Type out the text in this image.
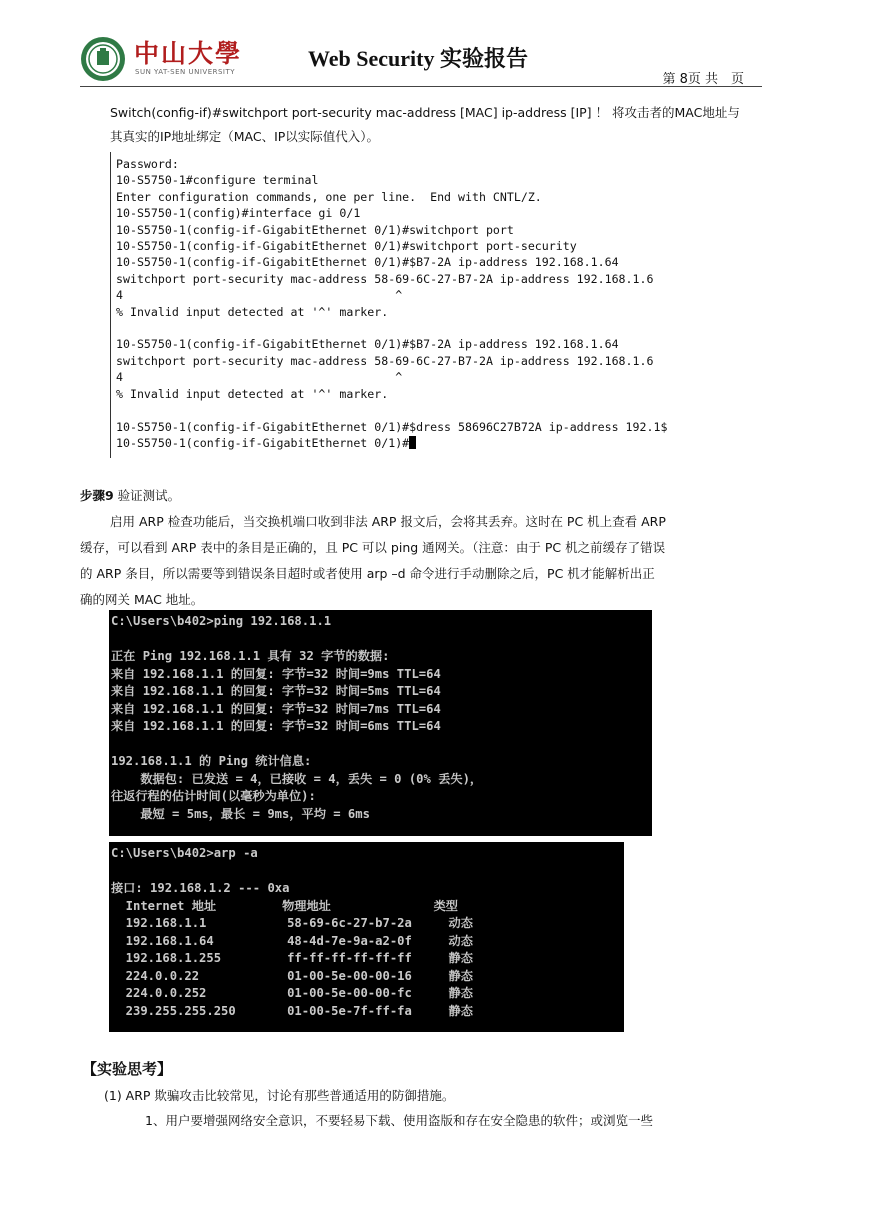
中山大學
SUN YAT-SEN UNIVERSITY
Web Security 实验报告
第 8页 共　页

Switch(config-if)#switchport port-security mac-address [MAC] ip-address [IP] ！ 将攻击者的MAC地址与

其真实的IP地址绑定（MAC、IP以实际值代入）。

Password:
10-S5750-1#configure terminal
Enter configuration commands, one per line.  End with CNTL/Z.
10-S5750-1(config)#interface gi 0/1
10-S5750-1(config-if-GigabitEthernet 0/1)#switchport port
10-S5750-1(config-if-GigabitEthernet 0/1)#switchport port-security
10-S5750-1(config-if-GigabitEthernet 0/1)#$B7-2A ip-address 192.168.1.64
switchport port-security mac-address 58-69-6C-27-B7-2A ip-address 192.168.1.6
4                                       ^
% Invalid input detected at '^' marker.

10-S5750-1(config-if-GigabitEthernet 0/1)#$B7-2A ip-address 192.168.1.64
switchport port-security mac-address 58-69-6C-27-B7-2A ip-address 192.168.1.6
4                                       ^
% Invalid input detected at '^' marker.

10-S5750-1(config-if-GigabitEthernet 0/1)#$dress 58696C27B72A ip-address 192.1$
10-S5750-1(config-if-GigabitEthernet 0/1)#

步骤9 验证测试。

启用 ARP 检查功能后，当交换机端口收到非法 ARP 报文后，会将其丢弃。这时在 PC 机上查看 ARP

缓存，可以看到 ARP 表中的条目是正确的，且 PC 可以 ping 通网关。（注意：由于 PC 机之前缓存了错误

的 ARP 条目，所以需要等到错误条目超时或者使用 arp –d 命令进行手动删除之后，PC 机才能解析出正

确的网关 MAC 地址。

C:\Users\b402>ping 192.168.1.1

正在 Ping 192.168.1.1 具有 32 字节的数据:
来自 192.168.1.1 的回复: 字节=32 时间=9ms TTL=64
来自 192.168.1.1 的回复: 字节=32 时间=5ms TTL=64
来自 192.168.1.1 的回复: 字节=32 时间=7ms TTL=64
来自 192.168.1.1 的回复: 字节=32 时间=6ms TTL=64

192.168.1.1 的 Ping 统计信息:
数据包: 已发送 = 4，已接收 = 4，丢失 = 0 (0% 丢失)，
往返行程的估计时间(以毫秒为单位):
最短 = 5ms，最长 = 9ms，平均 = 6ms
C:\Users\b402>arp -a

接口: 192.168.1.2 --- 0xa
Internet 地址         物理地址              类型
192.168.1.1           58-69-6c-27-b7-2a     动态
192.168.1.64          48-4d-7e-9a-a2-0f     动态
192.168.1.255         ff-ff-ff-ff-ff-ff     静态
224.0.0.22            01-00-5e-00-00-16     静态
224.0.0.252           01-00-5e-00-00-fc     静态
239.255.255.250       01-00-5e-7f-ff-fa     静态
【实验思考】
(1) ARP 欺骗攻击比较常见，讨论有那些普通适用的防御措施。

1、用户要增强网络安全意识，不要轻易下载、使用盗版和存在安全隐患的软件；或浏览一些
